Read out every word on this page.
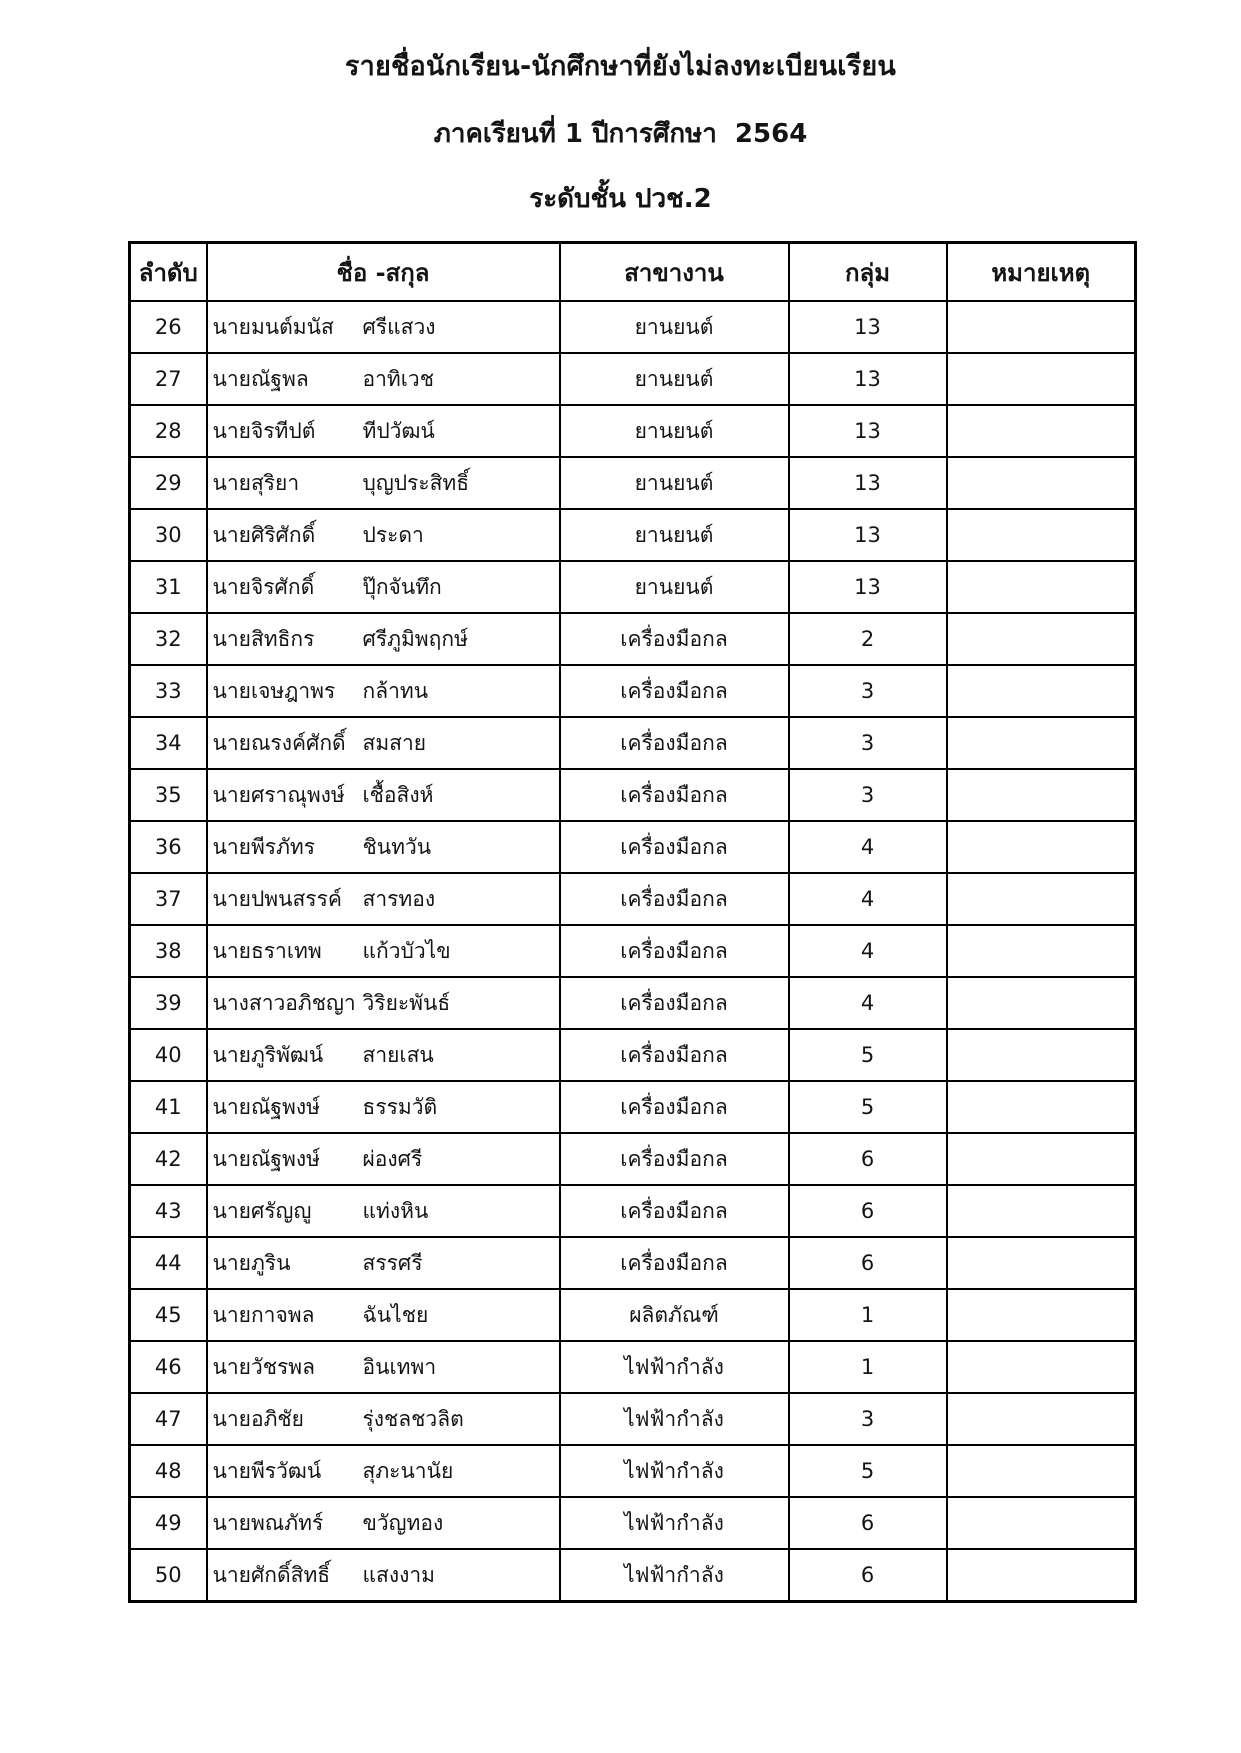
รายชื่อนักเรียน-นักศึกษาที่ยังไม่ลงทะเบียนเรียน
ภาคเรียนที่ 1 ปีการศึกษา  2564
ระดับชั้น ปวช.2
ลำดับ	ชื่อ -สกุล	สาขางาน	กลุ่ม	หมายเหตุ
26	นายมนต์มนัส ศรีแสวง	ยานยนต์	13	
27	นายณัฐพล อาทิเวช	ยานยนต์	13	
28	นายจิรทีปต์ ทีปวัฒน์	ยานยนต์	13	
29	นายสุริยา บุญประสิทธิ์	ยานยนต์	13	
30	นายศิริศักดิ์ ประดา	ยานยนต์	13	
31	นายจิรศักดิ์ ปุ๊กจันทึก	ยานยนต์	13	
32	นายสิทธิกร ศรีภูมิพฤกษ์	เครื่องมือกล	2	
33	นายเจษฎาพร กล้าทน	เครื่องมือกล	3	
34	นายณรงค์ศักดิ์ สมสาย	เครื่องมือกล	3	
35	นายศราณุพงษ์ เชื้อสิงห์	เครื่องมือกล	3	
36	นายพีรภัทร ชินทวัน	เครื่องมือกล	4	
37	นายปพนสรรค์ สารทอง	เครื่องมือกล	4	
38	นายธราเทพ แก้วบัวไข	เครื่องมือกล	4	
39	นางสาวอภิชญา วิริยะพันธ์	เครื่องมือกล	4	
40	นายภูริพัฒน์ สายเสน	เครื่องมือกล	5	
41	นายณัฐพงษ์ ธรรมวัติ	เครื่องมือกล	5	
42	นายณัฐพงษ์ ผ่องศรี	เครื่องมือกล	6	
43	นายศรัญญู แท่งหิน	เครื่องมือกล	6	
44	นายภูริน สรรศรี	เครื่องมือกล	6	
45	นายกาจพล ฉันไชย	ผลิตภัณฑ์	1	
46	นายวัชรพล อินเทพา	ไฟฟ้ากำลัง	1	
47	นายอภิชัย รุ่งชลชวลิต	ไฟฟ้ากำลัง	3	
48	นายพีรวัฒน์ สุภะนานัย	ไฟฟ้ากำลัง	5	
49	นายพณภัทร์ ขวัญทอง	ไฟฟ้ากำลัง	6	
50	นายศักดิ์สิทธิ์ แสงงาม	ไฟฟ้ากำลัง	6	
